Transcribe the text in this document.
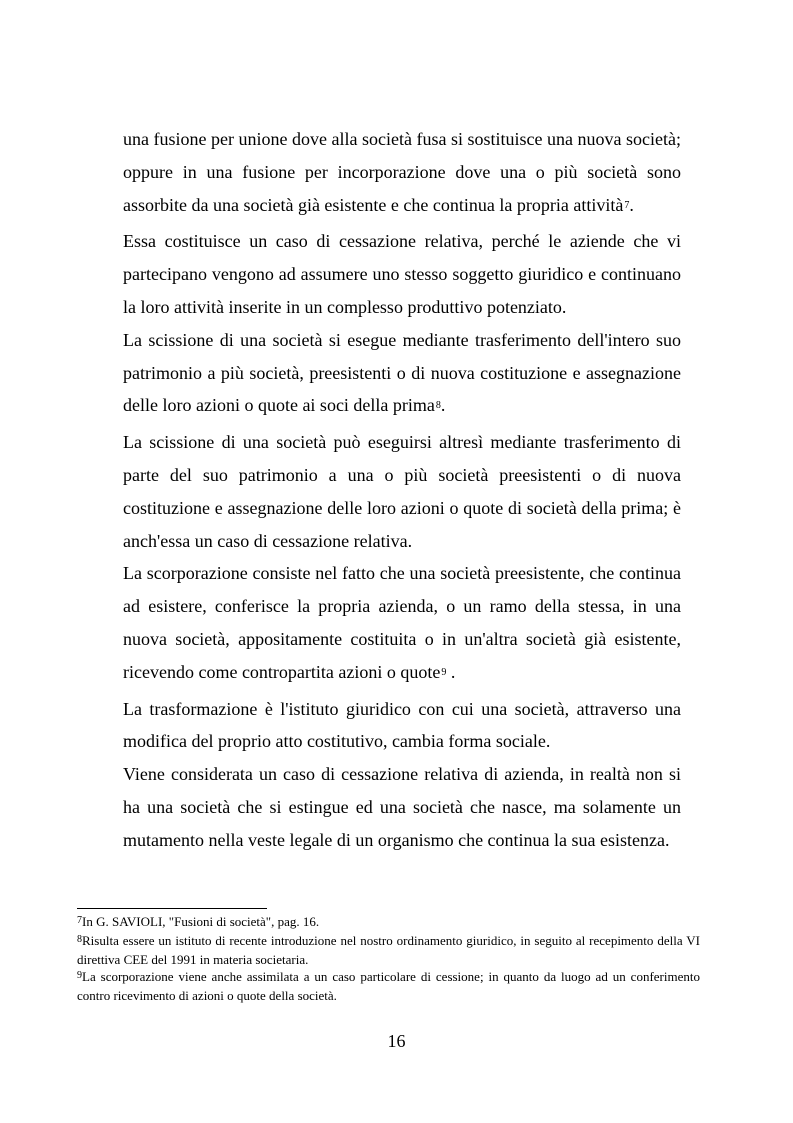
una fusione per unione dove alla società fusa si sostituisce una nuova società; oppure in una fusione per incorporazione dove una o più società sono assorbite da una società già esistente e che continua la propria attività7.

Essa costituisce un caso di cessazione relativa, perché le aziende che vi partecipano vengono ad assumere uno stesso soggetto giuridico e continuano la loro attività inserite in un complesso produttivo potenziato.

La scissione di una società si esegue mediante trasferimento dell'intero suo patrimonio a più società, preesistenti o di nuova costituzione e assegnazione delle loro azioni o quote ai soci della prima8.

La scissione di una società può eseguirsi altresì mediante trasferimento di parte del suo patrimonio a una o più società preesistenti o di nuova costituzione e assegnazione delle loro azioni o quote di società della prima; è anch'essa un caso di cessazione relativa.

La scorporazione consiste nel fatto che una società preesistente, che continua ad esistere, conferisce la propria azienda, o un ramo della stessa, in una nuova società, appositamente costituita o in un'altra società già esistente, ricevendo come contropartita azioni o quote9 .

La trasformazione è l'istituto giuridico con cui una società, attraverso una modifica del proprio atto costitutivo, cambia forma sociale.

Viene considerata un caso di cessazione relativa di azienda, in realtà non si ha una società che si estingue ed una società che nasce, ma solamente un mutamento nella veste legale di un organismo che continua la sua esistenza.

$^7$In G. SAVIOLI, "Fusioni di società", pag. 16.

$^8$Risulta essere un istituto di recente introduzione nel nostro ordinamento giuridico, in seguito al recepimento della VI direttiva CEE del 1991 in materia societaria.

$^9$La scorporazione viene anche assimilata a un caso particolare di cessione; in quanto da luogo ad un conferimento contro ricevimento di azioni o quote della società.

16
